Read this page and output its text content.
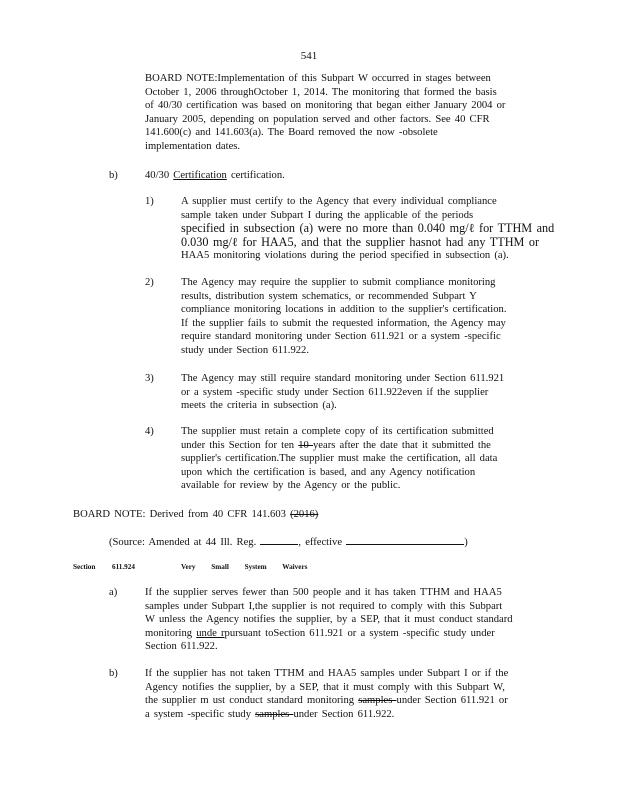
541
BOARD NOTE:Implementation of this Subpart W occurred in stages between
October 1, 2006 throughOctober 1, 2014. The monitoring that formed the basis
of 40/30 certification was based on monitoring that began either January 2004 or
January 2005, depending on population served and other factors. See 40 CFR
141.600(c) and 141.603(a). The Board removed the now -obsolete
implementation dates.
b)	40/30 Certification certification.
1)	A supplier must certify to the Agency that every individual compliance
sample taken under Subpart I during the applicable of the periods
specified in subsection (a) were no more than 0.040 mg/ℓ for TTHM and
0.030 mg/ℓ for HAA5, and that the supplier hasnot had any TTHM or
HAA5 monitoring violations during the period specified in subsection (a).
2)	The Agency may require the supplier to submit compliance monitoring
results, distribution system schematics, or recommended Subpart Y
compliance monitoring locations in addition to the supplier's certification.
If the supplier fails to submit the requested information, the Agency may
require standard monitoring under Section 611.921 or a system -specific
study under Section 611.922.
3)	The Agency may still require standard monitoring under Section 611.921
or a system -specific study under Section 611.922even if the supplier
meets the criteria in subsection (a).
4)	The supplier must retain a complete copy of its certification submitted
under this Section for ten 10 years after the date that it submitted the
supplier's certification.The supplier must make the certification, all data
upon which the certification is based, and any Agency notification
available for review by the Agency or the public.
BOARD NOTE: Derived from 40 CFR 141.603 (2016)
(Source: Amended at 44 Ill. Reg.	, effective	)
Section 611.924	Very Small System Waivers
a)	If the supplier serves fewer than 500 people and it has taken TTHM and HAA5
samples under Subpart I,the supplier is not required to comply with this Subpart
W unless the Agency notifies the supplier, by a SEP, that it must conduct standard
monitoring unde rpursuant toSection 611.921 or a system -specific study under
Section 611.922.
b)	If the supplier has not taken TTHM and HAA5 samples under Subpart I or if the
Agency notifies the supplier, by a SEP, that it must comply with this Subpart W,
the supplier m ust conduct standard monitoring samples under Section 611.921 or
a system -specific study samples under Section 611.922.
